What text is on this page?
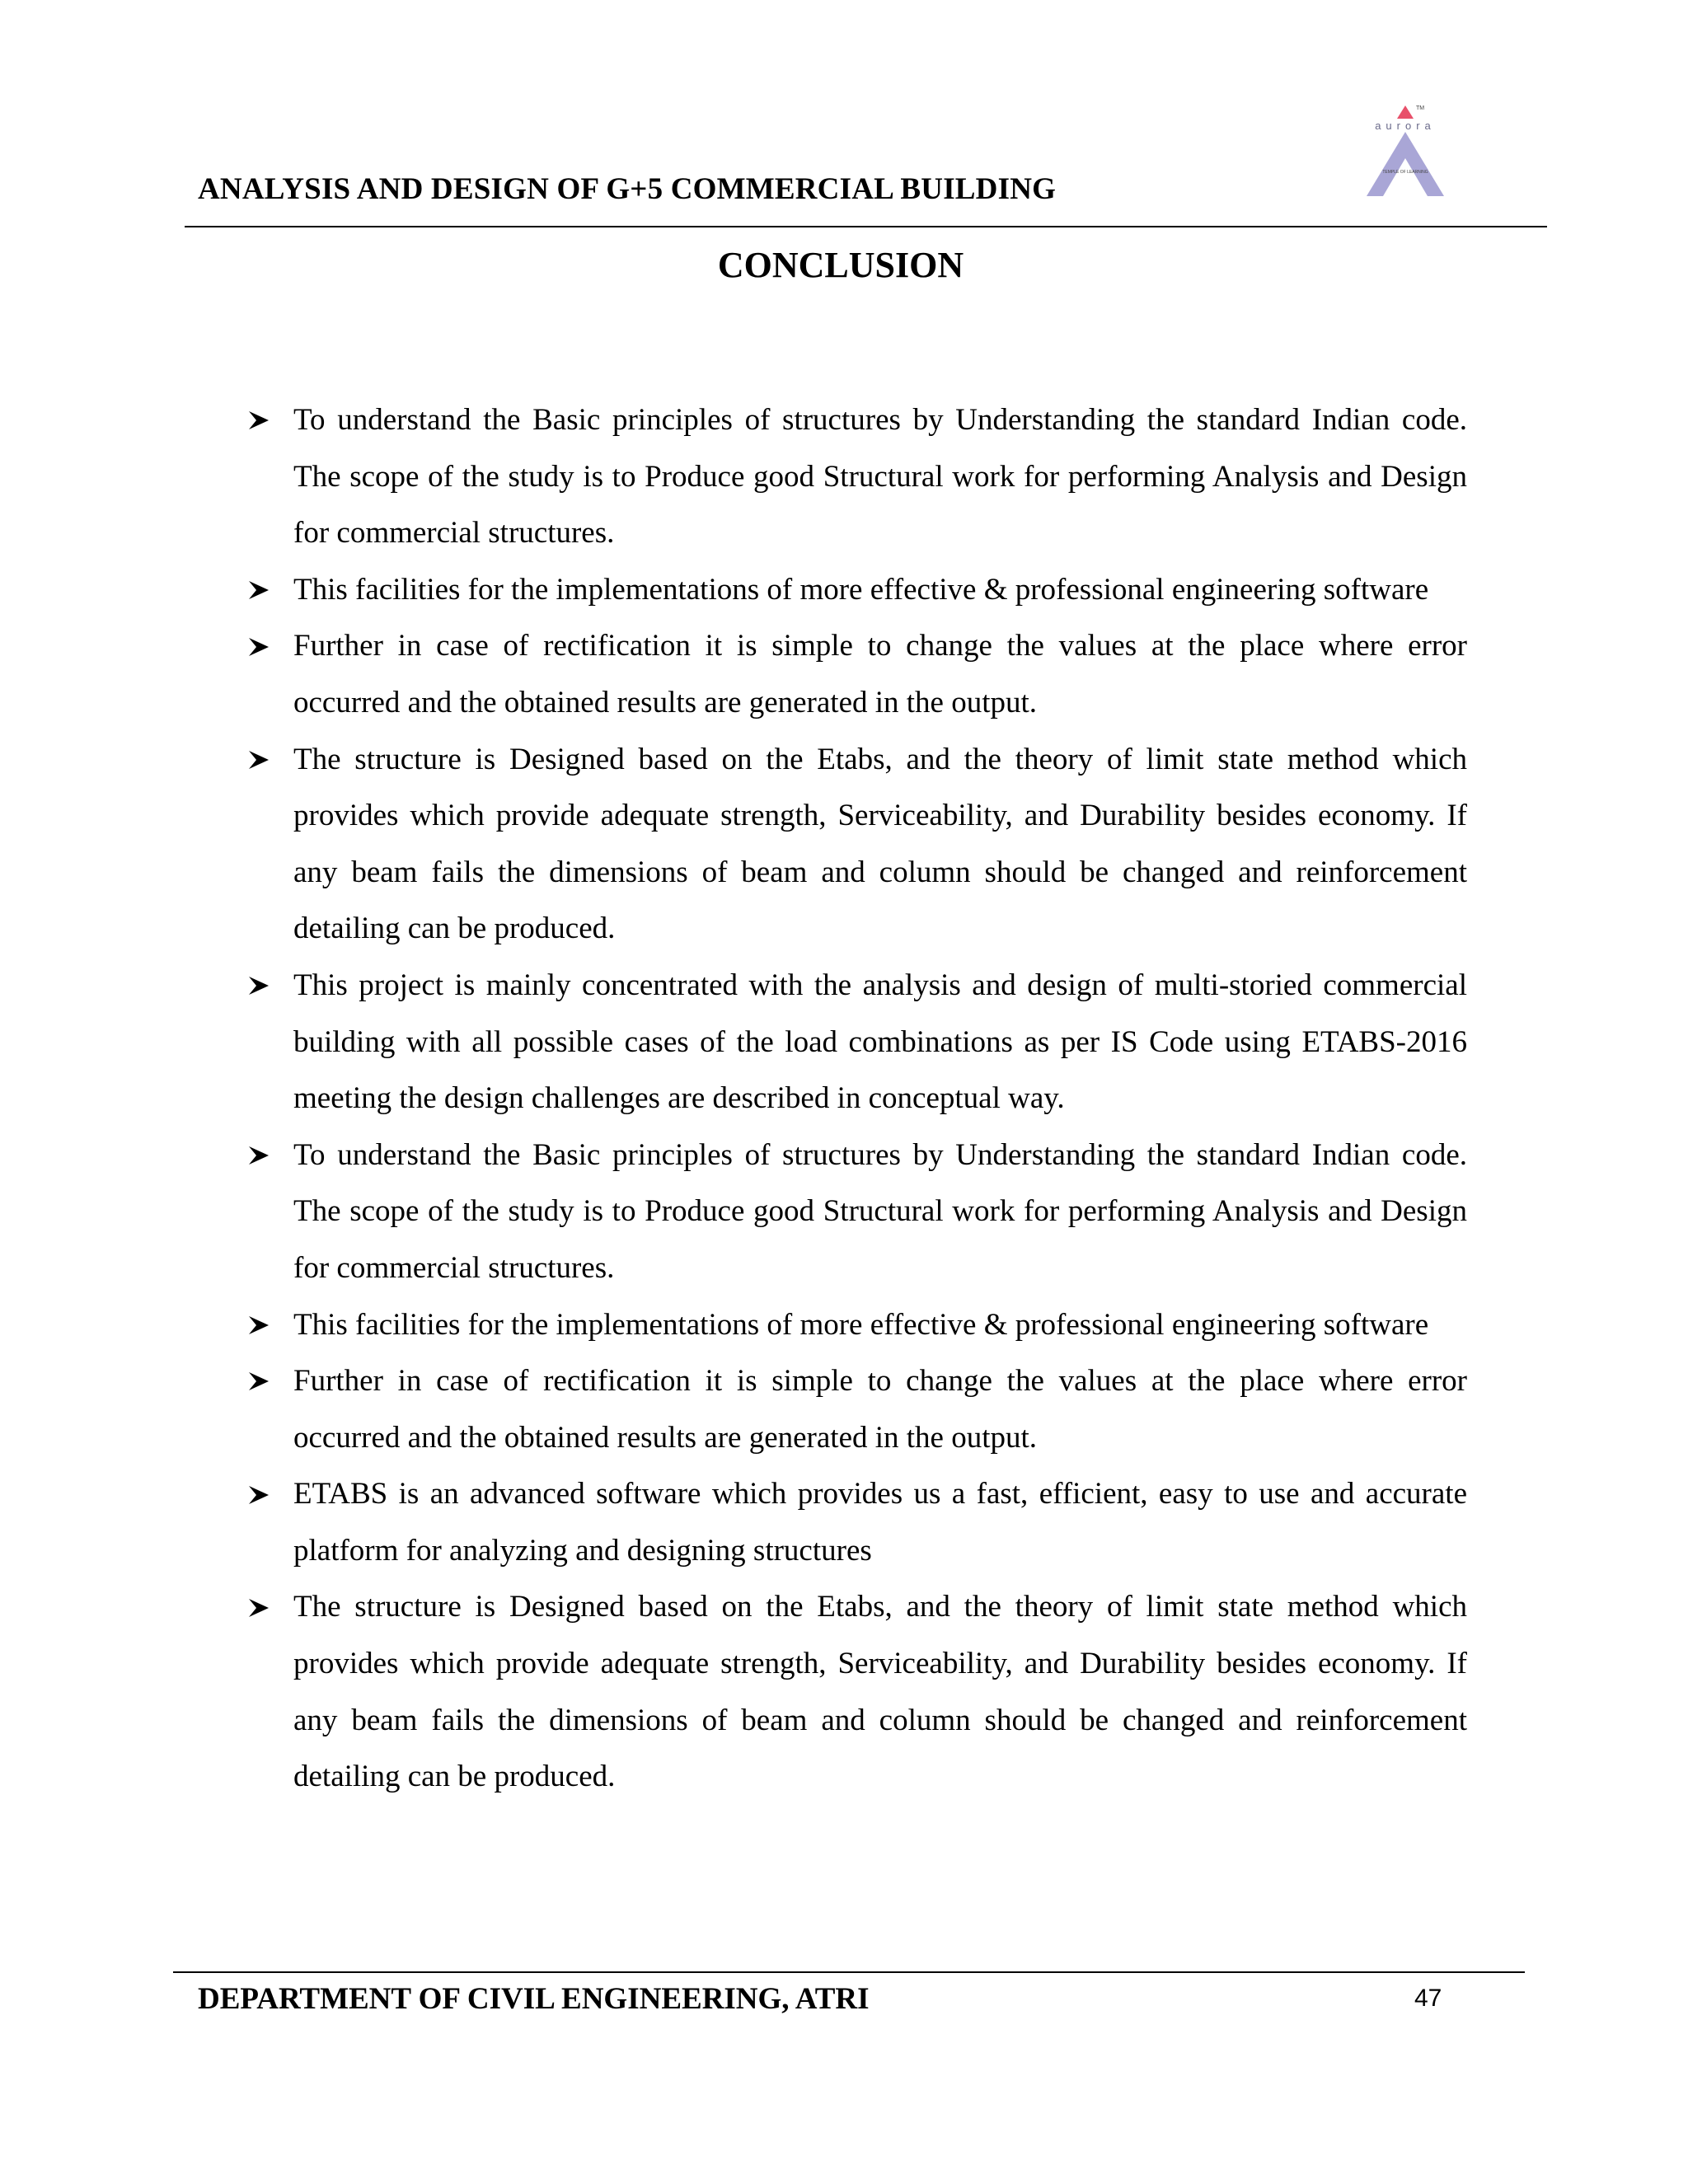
ANALYSIS AND DESIGN OF G+5 COMMERCIAL BUILDING
TM
aurora
TEMPLE OF LEARNING
CONCLUSION
To understand the Basic principles of structures by Understanding the standard Indian code. The scope of the study is to Produce good Structural work for performing Analysis and Design for commercial structures.
This facilities for the implementations of more effective & professional engineering software
Further in case of rectification it is simple to change the values at the place where error occurred and the obtained results are generated in the output.
The structure is Designed based on the Etabs, and the theory of limit state method which provides which provide adequate strength, Serviceability, and Durability besides economy. If any beam fails the dimensions of beam and column should be changed and reinforcement detailing can be produced.
This project is mainly concentrated with the analysis and design of multi-storied commercial building with all possible cases of the load combinations as per IS Code using ETABS-2016 meeting the design challenges are described in conceptual way.
To understand the Basic principles of structures by Understanding the standard Indian code. The scope of the study is to Produce good Structural work for performing Analysis and Design for commercial structures.
This facilities for the implementations of more effective & professional engineering software
Further in case of rectification it is simple to change the values at the place where error occurred and the obtained results are generated in the output.
ETABS is an advanced software which provides us a fast, efficient, easy to use and accurate platform for analyzing and designing structures
The structure is Designed based on the Etabs, and the theory of limit state method which provides which provide adequate strength, Serviceability, and Durability besides economy. If any beam fails the dimensions of beam and column should be changed and reinforcement detailing can be produced.
DEPARTMENT OF CIVIL ENGINEERING, ATRI	47
